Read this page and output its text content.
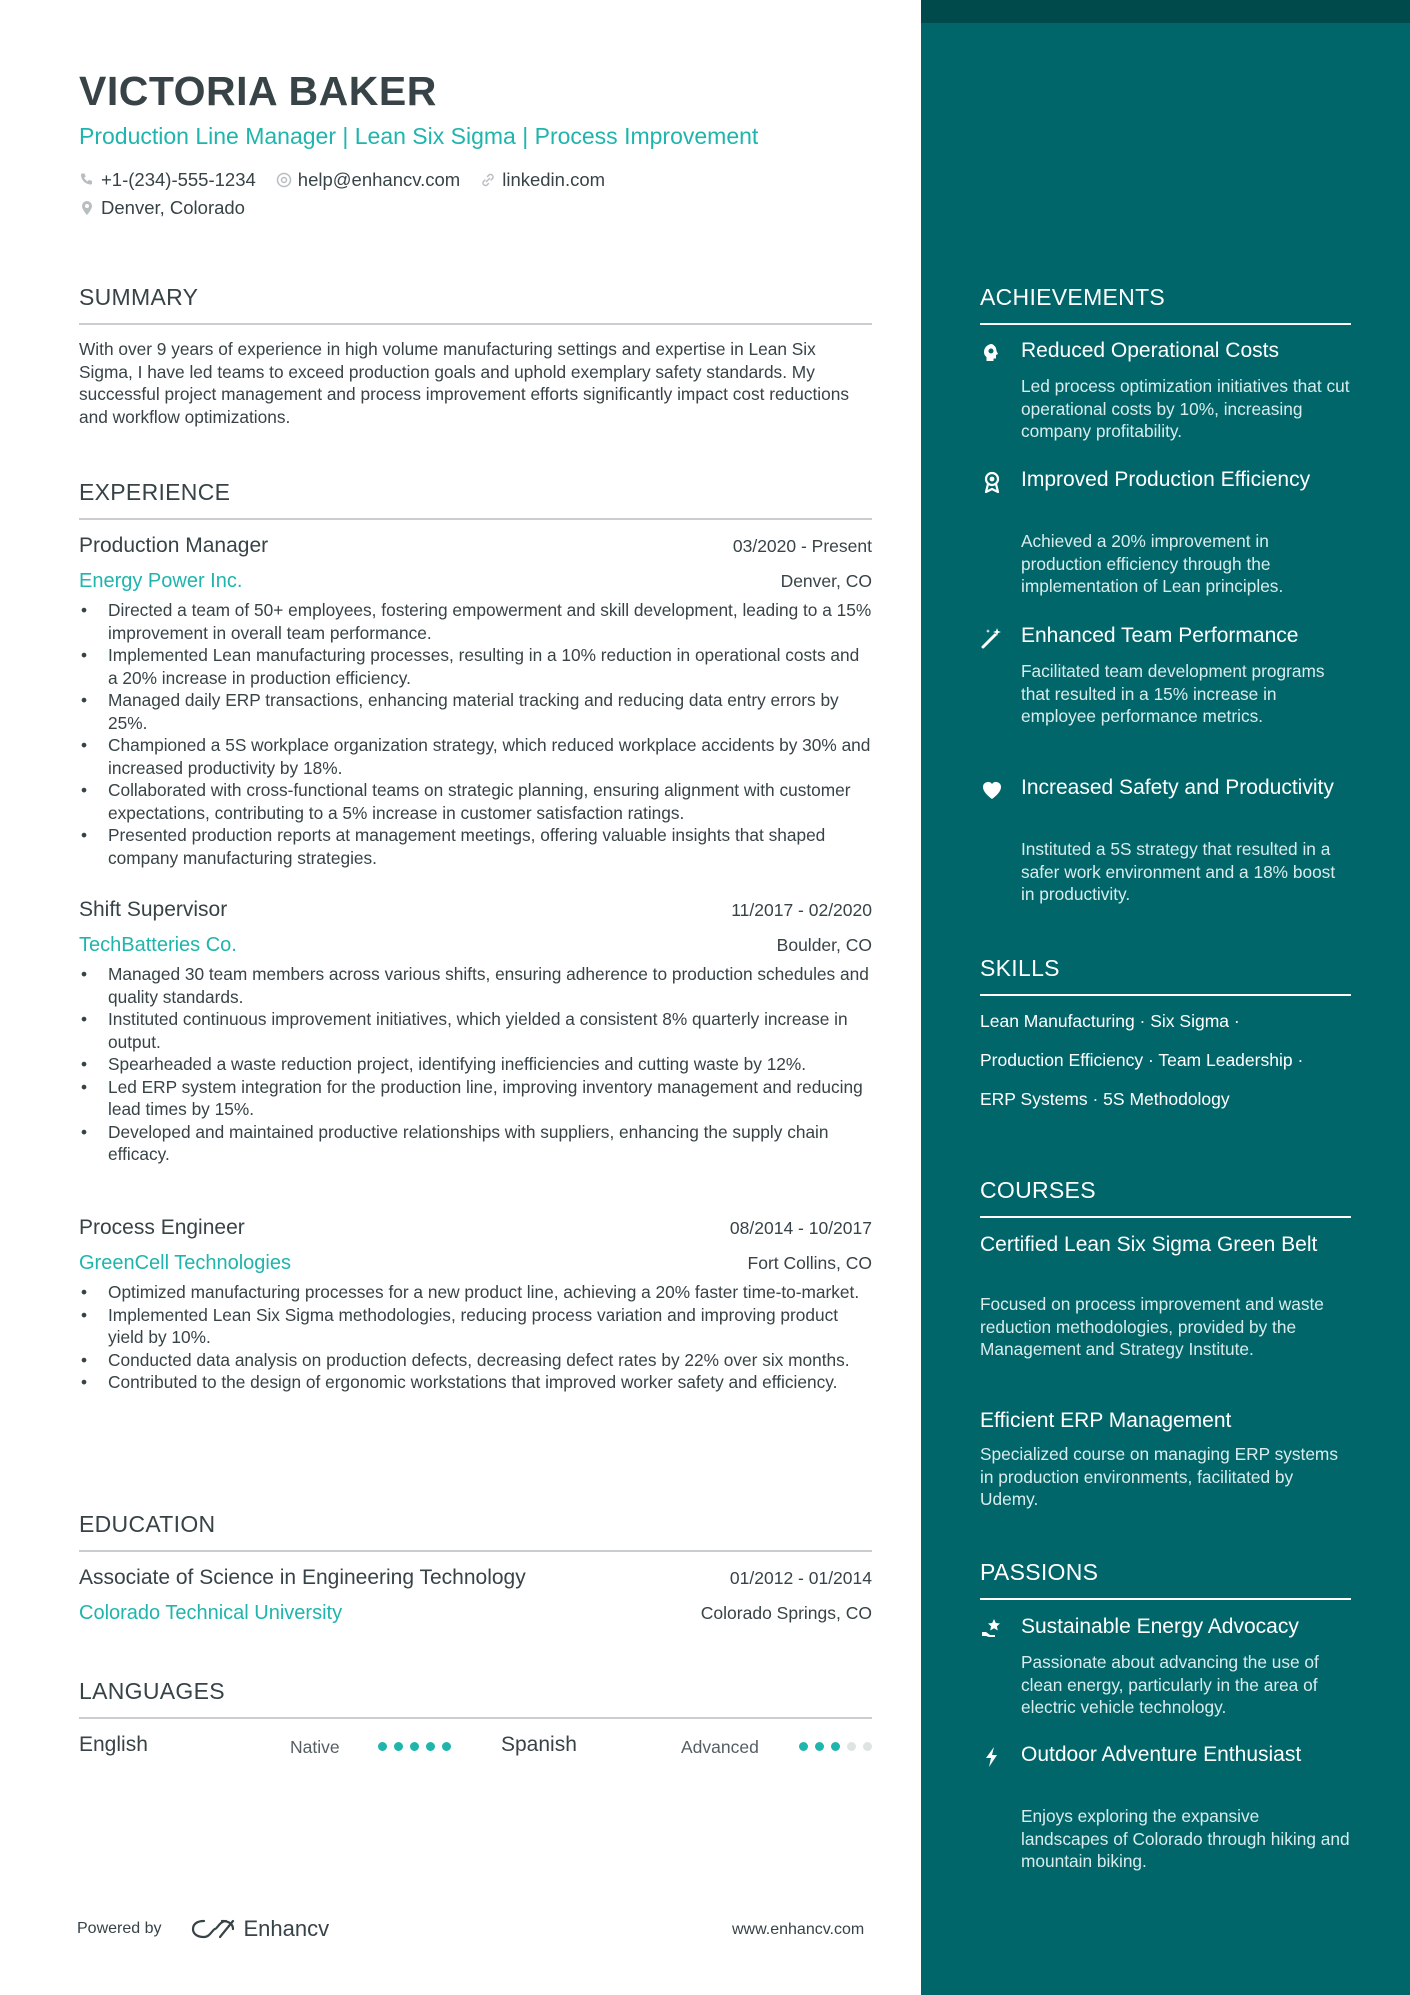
VICTORIA BAKER
Production Line Manager | Lean Six Sigma | Process Improvement
+1-(234)-555-1234 help@enhancv.com linkedin.com
Denver, Colorado
SUMMARY
With over 9 years of experience in high volume manufacturing settings and expertise in Lean Six Sigma, I have led teams to exceed production goals and uphold exemplary safety standards. My successful project management and process improvement efforts significantly impact cost reductions and workflow optimizations.
EXPERIENCE
Production Manager	03/2020 - Present
Energy Power Inc.	Denver, CO
• Directed a team of 50+ employees, fostering empowerment and skill development, leading to a 15% improvement in overall team performance.
• Implemented Lean manufacturing processes, resulting in a 10% reduction in operational costs and a 20% increase in production efficiency.
• Managed daily ERP transactions, enhancing material tracking and reducing data entry errors by 25%.
• Championed a 5S workplace organization strategy, which reduced workplace accidents by 30% and increased productivity by 18%.
• Collaborated with cross-functional teams on strategic planning, ensuring alignment with customer expectations, contributing to a 5% increase in customer satisfaction ratings.
• Presented production reports at management meetings, offering valuable insights that shaped company manufacturing strategies.
Shift Supervisor	11/2017 - 02/2020
TechBatteries Co.	Boulder, CO
• Managed 30 team members across various shifts, ensuring adherence to production schedules and quality standards.
• Instituted continuous improvement initiatives, which yielded a consistent 8% quarterly increase in output.
• Spearheaded a waste reduction project, identifying inefficiencies and cutting waste by 12%.
• Led ERP system integration for the production line, improving inventory management and reducing lead times by 15%.
• Developed and maintained productive relationships with suppliers, enhancing the supply chain efficacy.
Process Engineer	08/2014 - 10/2017
GreenCell Technologies	Fort Collins, CO
• Optimized manufacturing processes for a new product line, achieving a 20% faster time-to-market.
• Implemented Lean Six Sigma methodologies, reducing process variation and improving product yield by 10%.
• Conducted data analysis on production defects, decreasing defect rates by 22% over six months.
• Contributed to the design of ergonomic workstations that improved worker safety and efficiency.
EDUCATION
Associate of Science in Engineering Technology	01/2012 - 01/2014
Colorado Technical University	Colorado Springs, CO
LANGUAGES
English	Native	Spanish	Advanced
Powered by	Enhancv	www.enhancv.com
ACHIEVEMENTS
Reduced Operational Costs
Led process optimization initiatives that cut operational costs by 10%, increasing company profitability.
Improved Production Efficiency
Achieved a 20% improvement in production efficiency through the implementation of Lean principles.
Enhanced Team Performance
Facilitated team development programs that resulted in a 15% increase in employee performance metrics.
Increased Safety and Productivity
Instituted a 5S strategy that resulted in a safer work environment and a 18% boost in productivity.
SKILLS
Lean Manufacturing · Six Sigma ·
Production Efficiency · Team Leadership ·
ERP Systems · 5S Methodology
COURSES
Certified Lean Six Sigma Green Belt
Focused on process improvement and waste reduction methodologies, provided by the Management and Strategy Institute.
Efficient ERP Management
Specialized course on managing ERP systems in production environments, facilitated by Udemy.
PASSIONS
Sustainable Energy Advocacy
Passionate about advancing the use of clean energy, particularly in the area of electric vehicle technology.
Outdoor Adventure Enthusiast
Enjoys exploring the expansive landscapes of Colorado through hiking and mountain biking.
